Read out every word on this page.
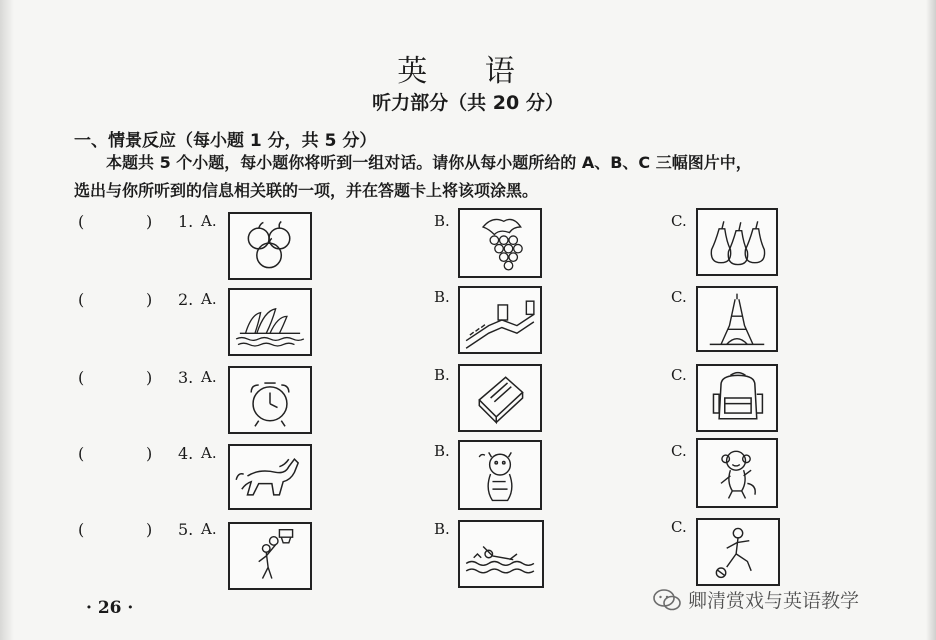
英 语
听力部分（共 20 分）
一、情景反应（每小题 1 分，共 5 分）
本题共 5 个小题，每小题你将听到一组对话。请你从每小题所给的 A、B、C 三幅图片中，
选出与你所听到的信息相关联的一项，并在答题卡上将该项涂黑。
(	) 1. A.	B.	C.
(	) 2. A.	B.	C.
(	) 3. A.	B.	C.
(	) 4. A.	B.	C.
(	) 5. A.	B.	C.
· 26 ·	卿清赏戏与英语教学
